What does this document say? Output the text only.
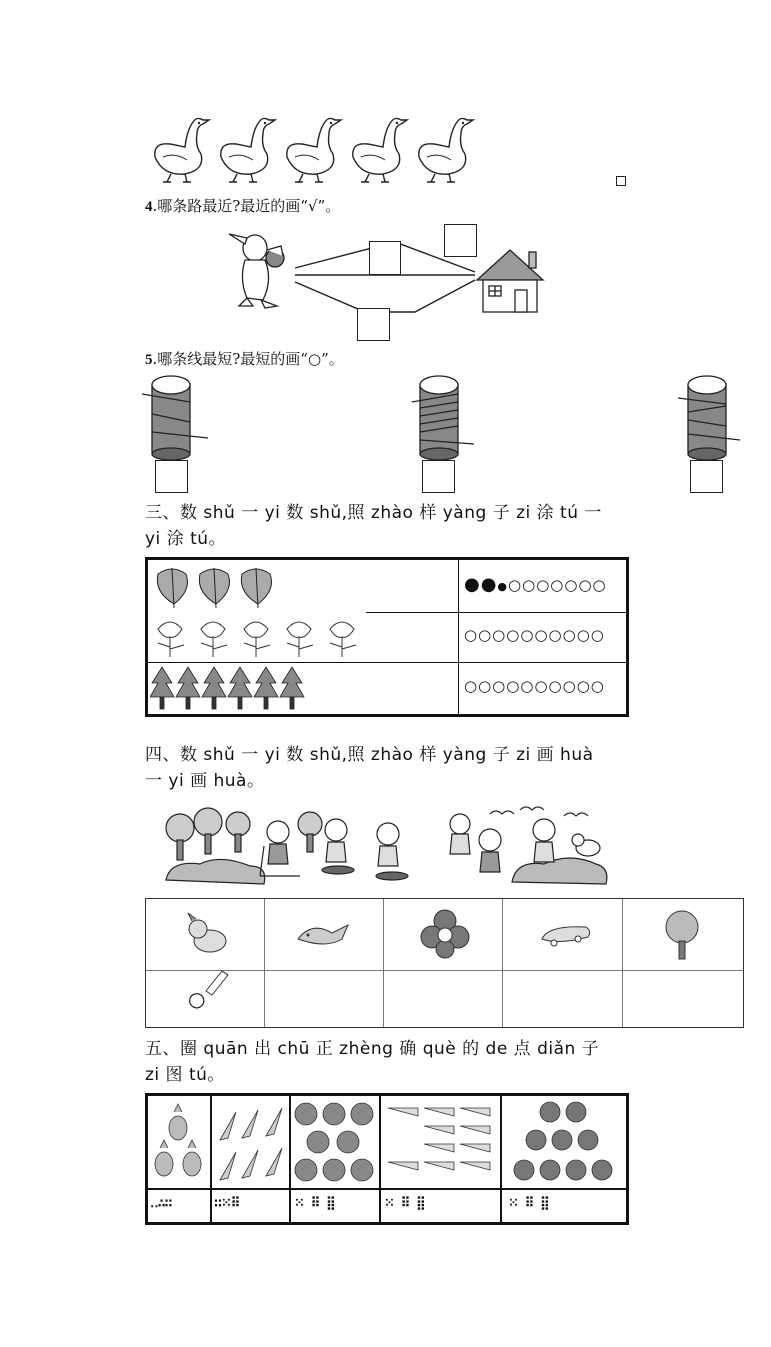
4.哪条路最近?最近的画“√”。
5.哪条线最短?最短的画“○”。
三、数 shǔ 一 yi 数 shǔ,照 zhào 样 yàng 子 zi 涂 tú 一
yi 涂 tú。
●●●○○○○○○○
○○○○○○○○○○
○○○○○○○○○○
四、数 shǔ 一 yi 数 shǔ,照 zhào 样 yàng 子 zi 画 huà
一 yi 画 huà。
○
五、圈 quān 出 chū 正 zhèng 确 què 的 de 点 diǎn 子
zi 图 tú。
‥∴∷	∷⁙⠿	⁙ ⠿ ⣿	⁙ ⠿ ⣿	⁙ ⠿ ⣿
